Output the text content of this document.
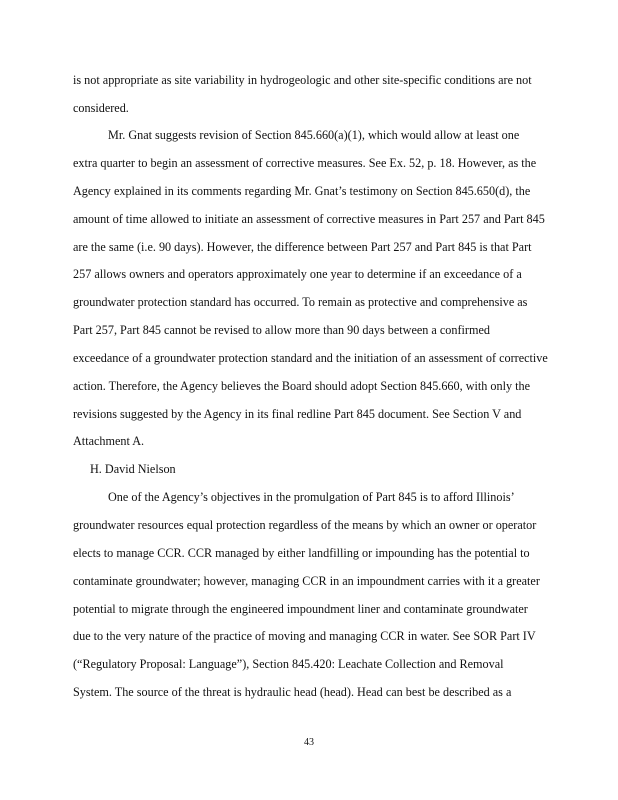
is not appropriate as site variability in hydrogeologic and other site-specific conditions are not
considered.
Mr. Gnat suggests revision of Section 845.660(a)(1), which would allow at least one
extra quarter to begin an assessment of corrective measures. See Ex. 52, p. 18. However, as the
Agency explained in its comments regarding Mr. Gnat’s testimony on Section 845.650(d), the
amount of time allowed to initiate an assessment of corrective measures in Part 257 and Part 845
are the same (i.e. 90 days). However, the difference between Part 257 and Part 845 is that Part
257 allows owners and operators approximately one year to determine if an exceedance of a
groundwater protection standard has occurred. To remain as protective and comprehensive as
Part 257, Part 845 cannot be revised to allow more than 90 days between a confirmed
exceedance of a groundwater protection standard and the initiation of an assessment of corrective
action. Therefore, the Agency believes the Board should adopt Section 845.660, with only the
revisions suggested by the Agency in its final redline Part 845 document. See Section V and
Attachment A.
H. David Nielson
One of the Agency’s objectives in the promulgation of Part 845 is to afford Illinois’
groundwater resources equal protection regardless of the means by which an owner or operator
elects to manage CCR. CCR managed by either landfilling or impounding has the potential to
contaminate groundwater; however, managing CCR in an impoundment carries with it a greater
potential to migrate through the engineered impoundment liner and contaminate groundwater
due to the very nature of the practice of moving and managing CCR in water. See SOR Part IV
(“Regulatory Proposal: Language”), Section 845.420: Leachate Collection and Removal
System. The source of the threat is hydraulic head (head). Head can best be described as a
43
